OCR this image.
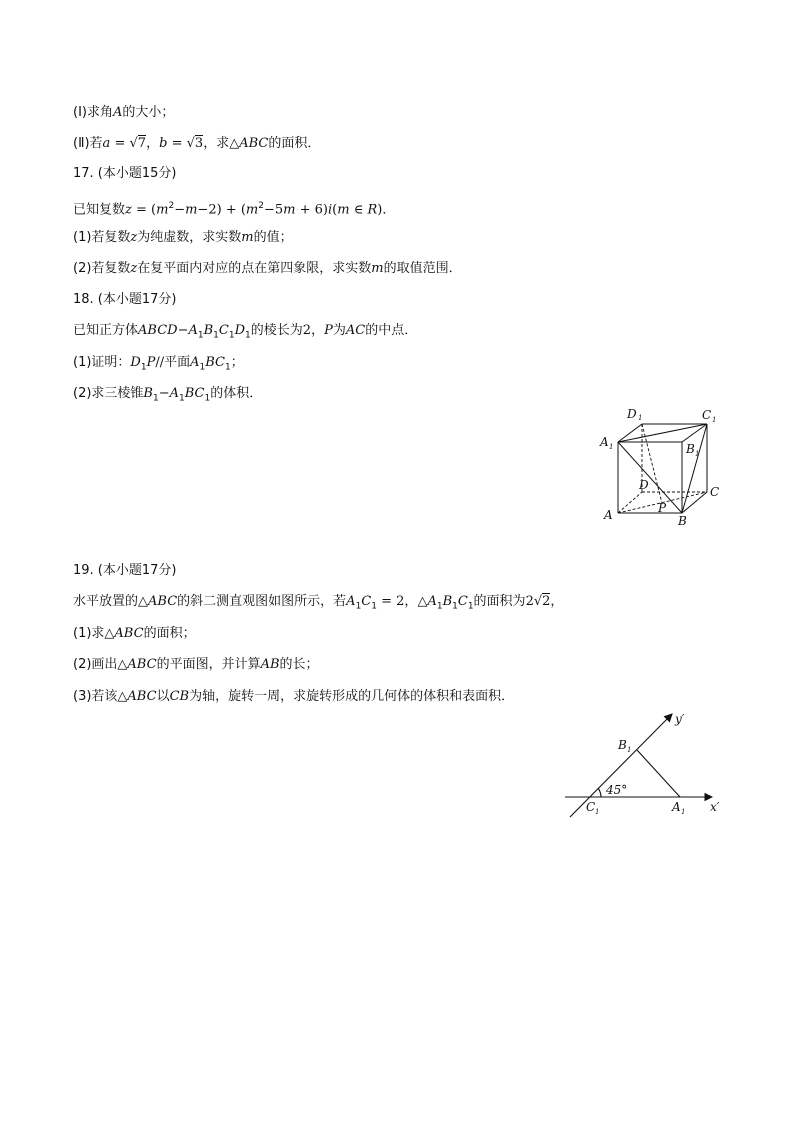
(Ⅰ)求角A的大小；
(Ⅱ)若a = √7，b = √3，求△ABC的面积．
17. (本小题15分)
已知复数$z = (m^2-m-2) + (m^2-5m + 6)i(m$ ∈ R)．
(1)若复数z为纯虚数，求实数m的值；
(2)若复数z在复平面内对应的点在第四象限，求实数m的取值范围．
18. (本小题17分)
已知正方体$ABCD-A_1B_1C_1D_1$的棱长为2，P为AC的中点．
(1)证明：$D_1P//$平面$A_1BC_1$；
(2)求三棱锥$B_1-A_1BC_1$的体积．
D 1	C 1
A 1	B 1
D	C
A	P
B
19. (本小题17分)
水平放置的△ABC的斜二测直观图如图所示，若$A_1C_1 = 2$，$\triangle A_1B_1C_1$的面积为2√2，
(1)求△ABC的面积；
(2)画出△ABC的平面图，并计算AB的长；
(3)若该△ABC以CB为轴，旋转一周，求旋转形成的几何体的体积和表面积．
y′
x′
B 1
45°
C 1	A 1
